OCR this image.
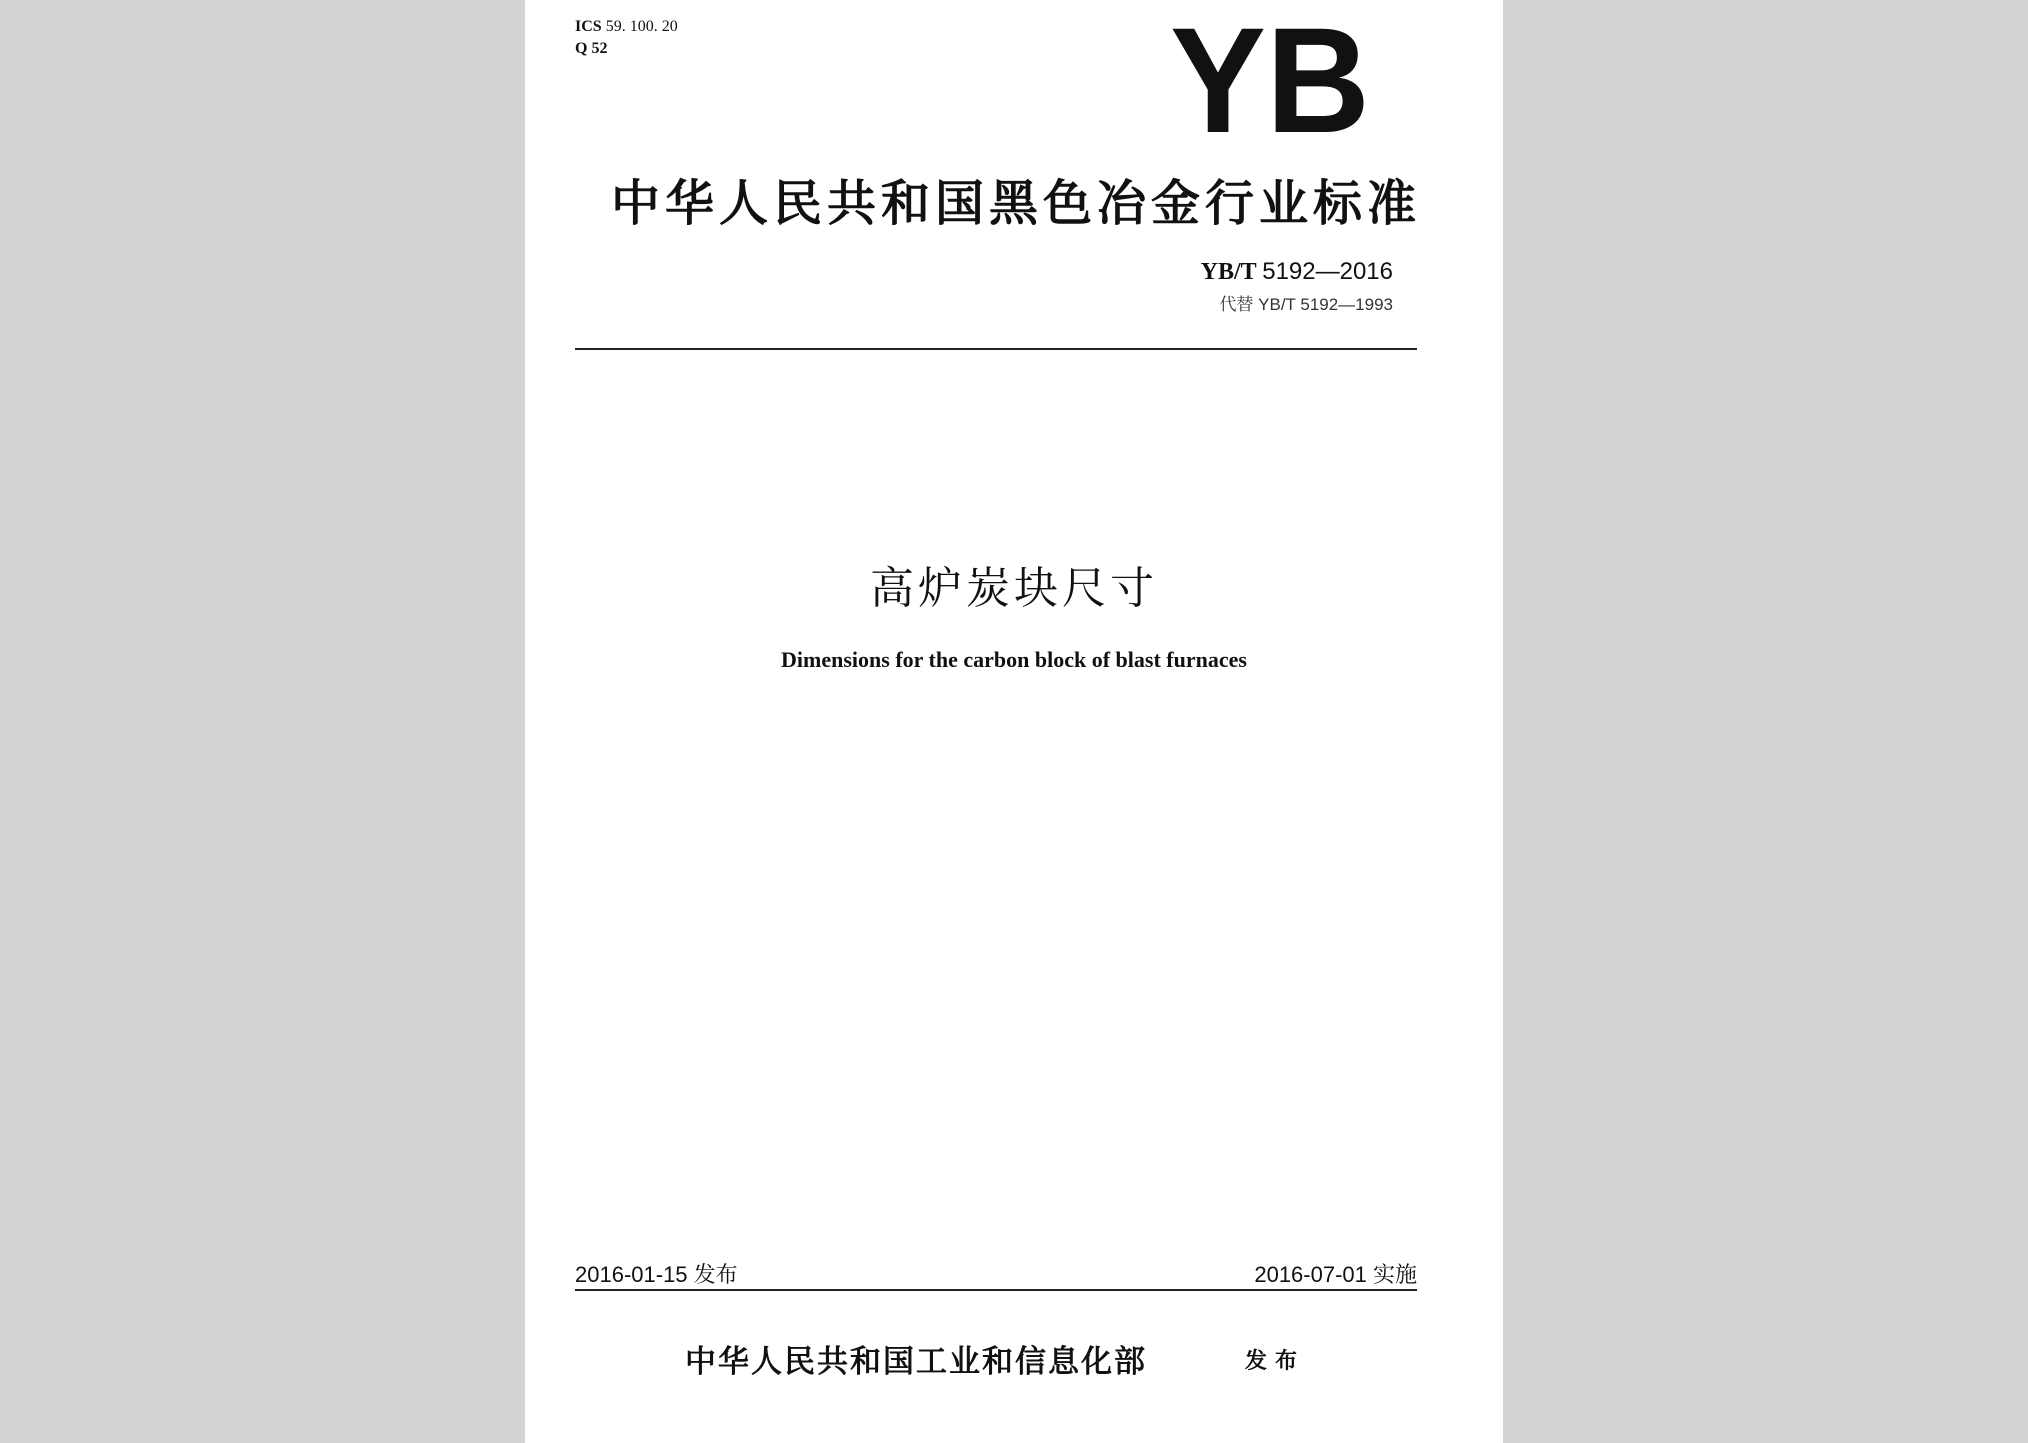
ICS 59. 100. 20
Q 52	YB
中华人民共和国黑色冶金行业标准
YB/T 5192—2016
代替 YB/T 5192—1993
高炉炭块尺寸
Dimensions for the carbon block of blast furnaces
2016-01-15 发布	2016-07-01 实施
中华人民共和国工业和信息化部	发布
